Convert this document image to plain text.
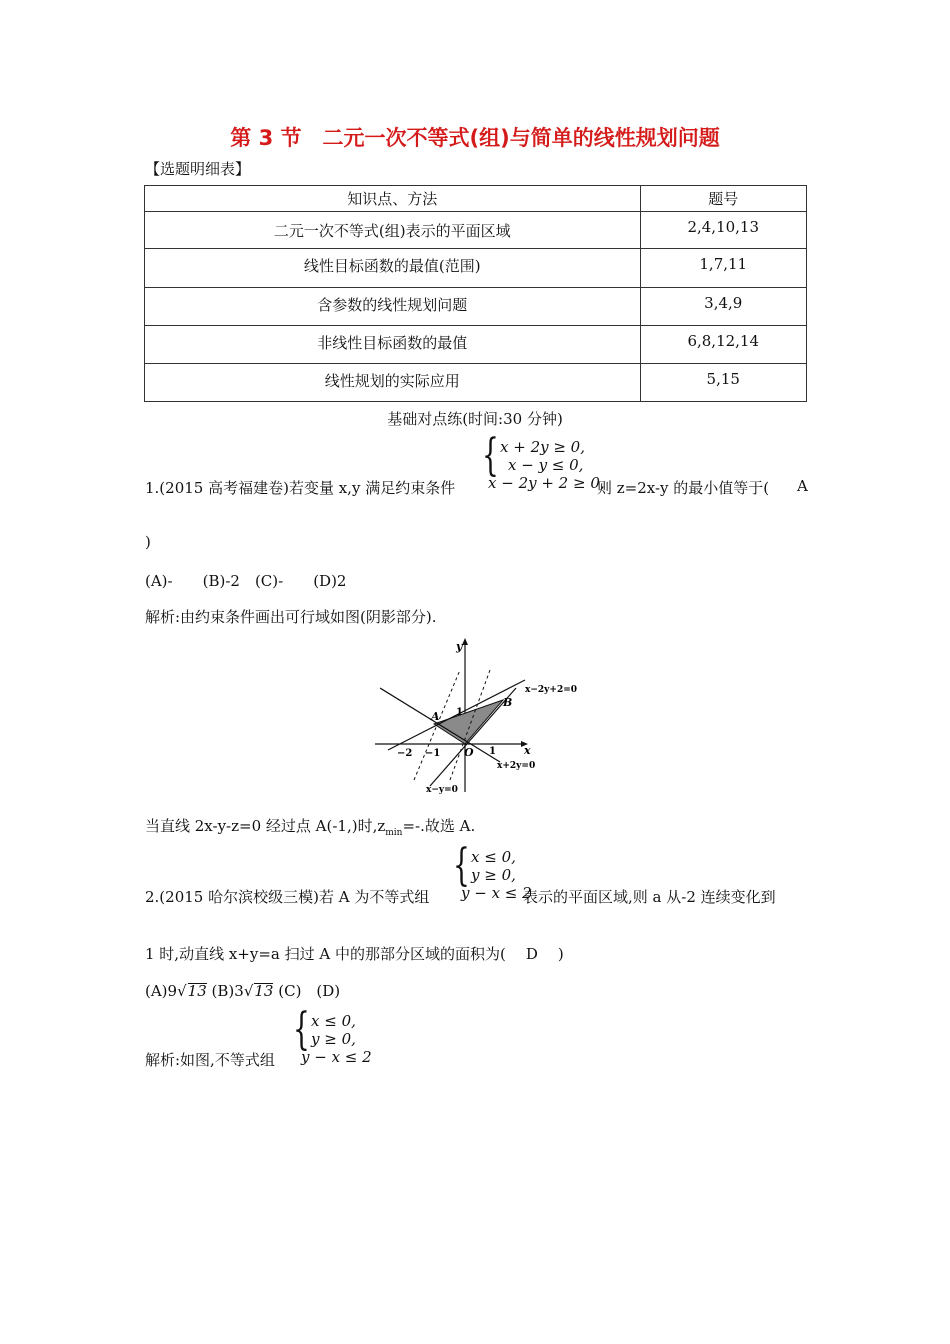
第 3 节　二元一次不等式(组)与简单的线性规划问题
【选题明细表】
知识点、方法	题号
二元一次不等式(组)表示的平面区域	2,4,10,13
线性目标函数的最值(范围)	1,7,11
含参数的线性规划问题	3,4,9
非线性目标函数的最值	6,8,12,14
线性规划的实际应用	5,15
基础对点练(时间:30 分钟)
{ x + 2y ≥ 0,
x − y ≤ 0,
x − 2y + 2 ≥ 0,
1.(2015 高考福建卷)若变量 x,y 满足约束条件	则 z=2x-y 的最小值等于( A
)
(A)-　　(B)-2　(C)-　　(D)2
解析:由约束条件画出可行域如图(阴影部分).
y
x
A
B
O
1
−2 −1	1
x−2y+2=0
x+2y=0
x−y=0
当直线 2x-y-z=0 经过点 A(-1,)时$,z_{min}=-$.故选 A.
{ x ≤ 0,
y ≥ 0,
y − x ≤ 2
2.(2015 哈尔滨校级三模)若 A 为不等式组	表示的平面区域,则 a 从-2 连续变化到
1 时,动直线 x+y=a 扫过 A 中的那部分区域的面积为( D )
(A)9√13 (B)3√13 (C)　(D)
{ x ≤ 0,
y ≥ 0,
y − x ≤ 2
解析:如图,不等式组
